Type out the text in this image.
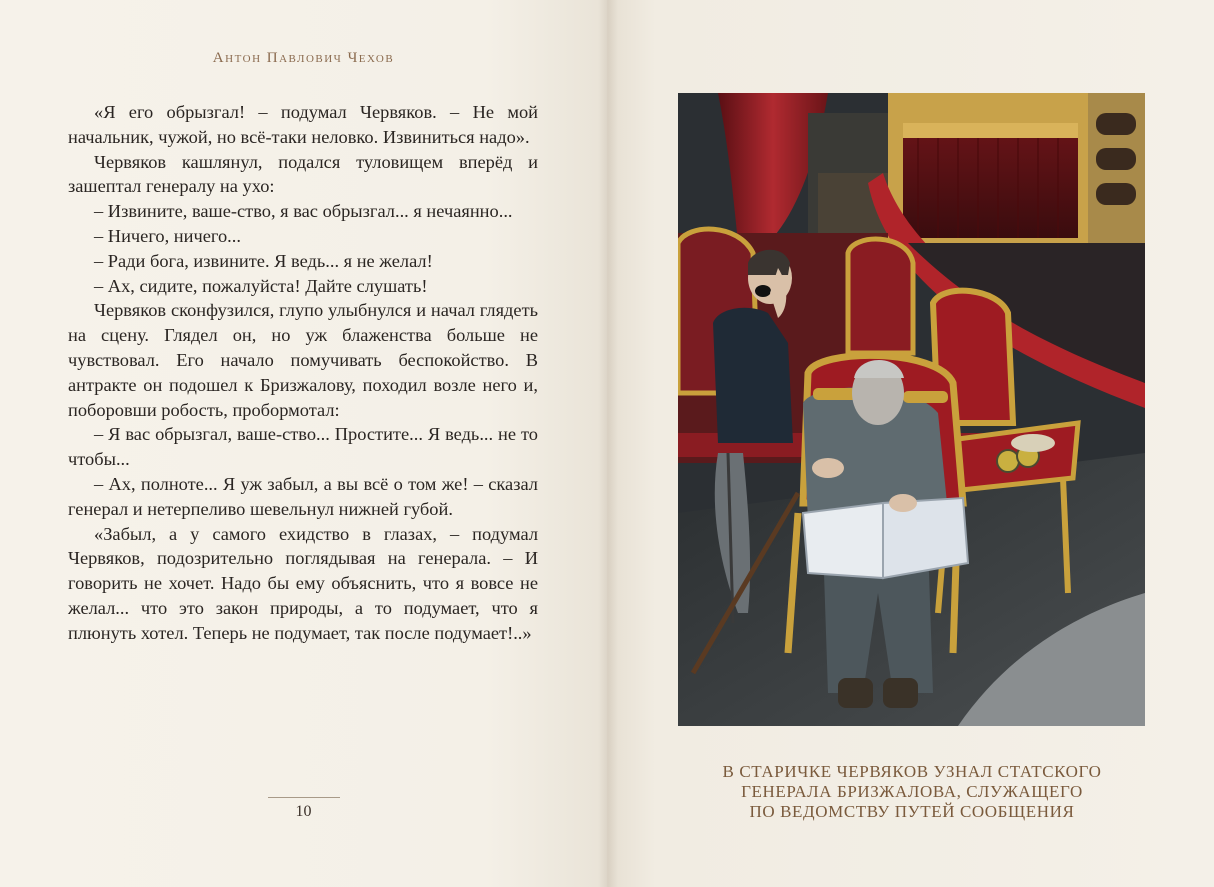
Антон Павлович Чехов

«Я его обрызгал! – подумал Червяков. – Не мой начальник, чужой, но всё-таки неловко. Извиниться надо».

Червяков кашлянул, подался туловищем вперёд и зашептал генералу на ухо:

– Извините, ваше-ство, я вас обрызгал... я нечаянно...

– Ничего, ничего...

– Ради бога, извините. Я ведь... я не желал!

– Ах, сидите, пожалуйста! Дайте слушать!

Червяков сконфузился, глупо улыбнулся и начал глядеть на сцену. Глядел он, но уж блаженства больше не чувствовал. Его начало помучивать беспокойство. В антракте он подошел к Бризжалову, походил возле него и, поборовши робость, пробормотал:

– Я вас обрызгал, ваше-ство... Простите... Я ведь... не то чтобы...

– Ах, полноте... Я уж забыл, а вы всё о том же! – сказал генерал и нетерпеливо шевельнул нижней губой.

«Забыл, а у самого ехидство в глазах, – подумал Червяков, подозрительно поглядывая на генерала. – И говорить не хочет. Надо бы ему объяснить, что я вовсе не желал... что это закон природы, а то подумает, что я плюнуть хотел. Теперь не подумает, так после подумает!..»

10
В СТАРИЧКЕ ЧЕРВЯКОВ УЗНАЛ СТАТСКОГО
ГЕНЕРАЛА БРИЗЖАЛОВА, СЛУЖАЩЕГО
ПО ВЕДОМСТВУ ПУТЕЙ СООБЩЕНИЯ
